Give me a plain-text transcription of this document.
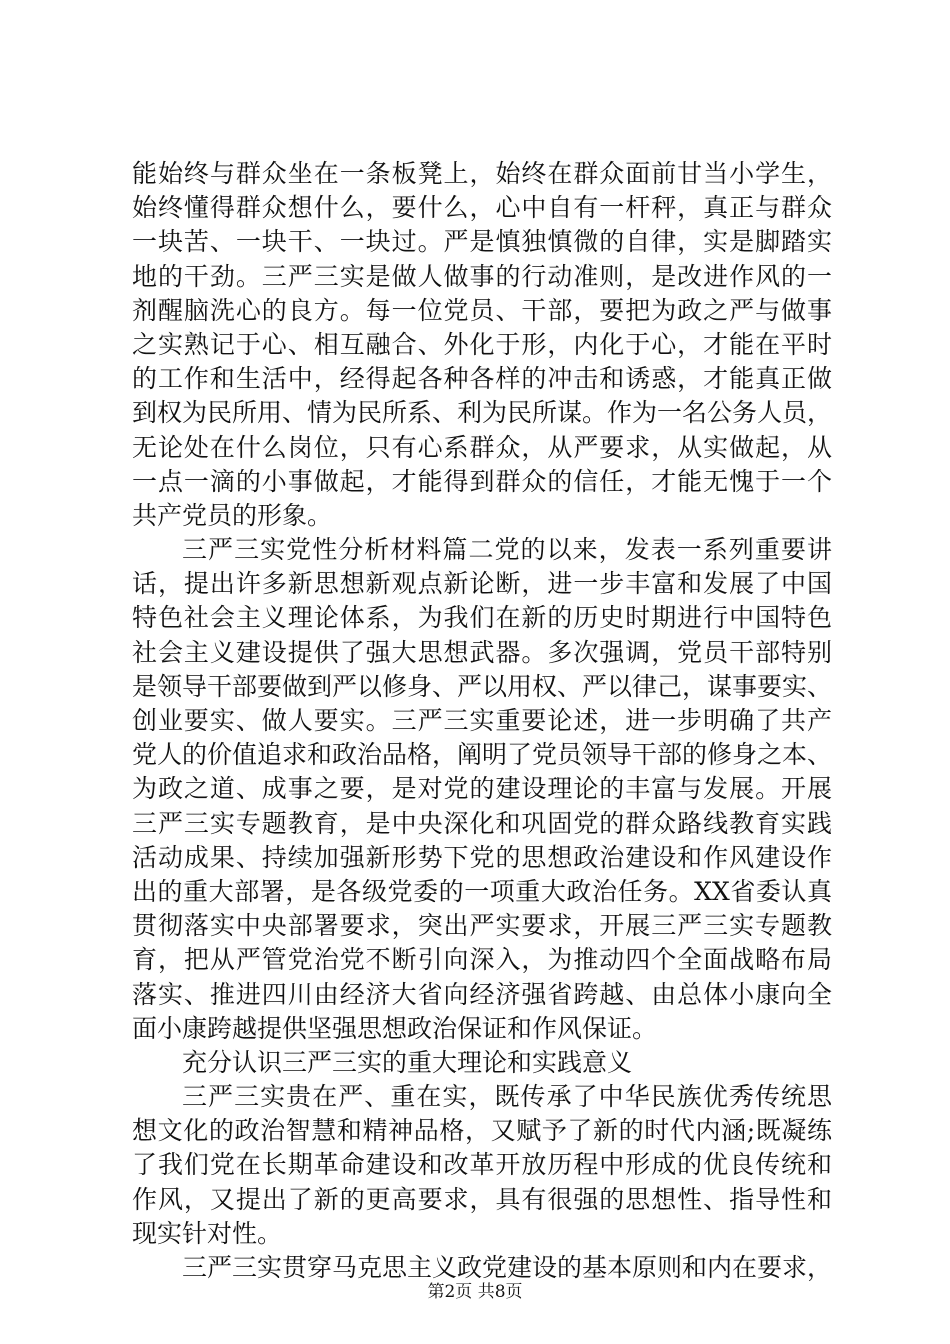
能始终与群众坐在一条板凳上，始终在群众面前甘当小学生，
始终懂得群众想什么，要什么，心中自有一杆秤，真正与群众
一块苦、一块干、一块过。严是慎独慎微的自律，实是脚踏实
地的干劲。三严三实是做人做事的行动准则，是改进作风的一
剂醒脑洗心的良方。每一位党员、干部，要把为政之严与做事
之实熟记于心、相互融合、外化于形，内化于心，才能在平时
的工作和生活中，经得起各种各样的冲击和诱惑，才能真正做
到权为民所用、情为民所系、利为民所谋。作为一名公务人员，
无论处在什么岗位，只有心系群众，从严要求，从实做起，从
一点一滴的小事做起，才能得到群众的信任，才能无愧于一个
共产党员的形象。
三严三实党性分析材料篇二党的以来，发表一系列重要讲
话，提出许多新思想新观点新论断，进一步丰富和发展了中国
特色社会主义理论体系，为我们在新的历史时期进行中国特色
社会主义建设提供了强大思想武器。多次强调，党员干部特别
是领导干部要做到严以修身、严以用权、严以律己，谋事要实、
创业要实、做人要实。三严三实重要论述，进一步明确了共产
党人的价值追求和政治品格，阐明了党员领导干部的修身之本、
为政之道、成事之要，是对党的建设理论的丰富与发展。开展
三严三实专题教育，是中央深化和巩固党的群众路线教育实践
活动成果、持续加强新形势下党的思想政治建设和作风建设作
出的重大部署，是各级党委的一项重大政治任务。XX省委认真
贯彻落实中央部署要求，突出严实要求，开展三严三实专题教
育，把从严管党治党不断引向深入，为推动四个全面战略布局
落实、推进四川由经济大省向经济强省跨越、由总体小康向全
面小康跨越提供坚强思想政治保证和作风保证。
充分认识三严三实的重大理论和实践意义
三严三实贵在严、重在实，既传承了中华民族优秀传统思
想文化的政治智慧和精神品格，又赋予了新的时代内涵;既凝练
了我们党在长期革命建设和改革开放历程中形成的优良传统和
作风，又提出了新的更高要求，具有很强的思想性、指导性和
现实针对性。
三严三实贯穿马克思主义政党建设的基本原则和内在要求，
第2页 共8页
